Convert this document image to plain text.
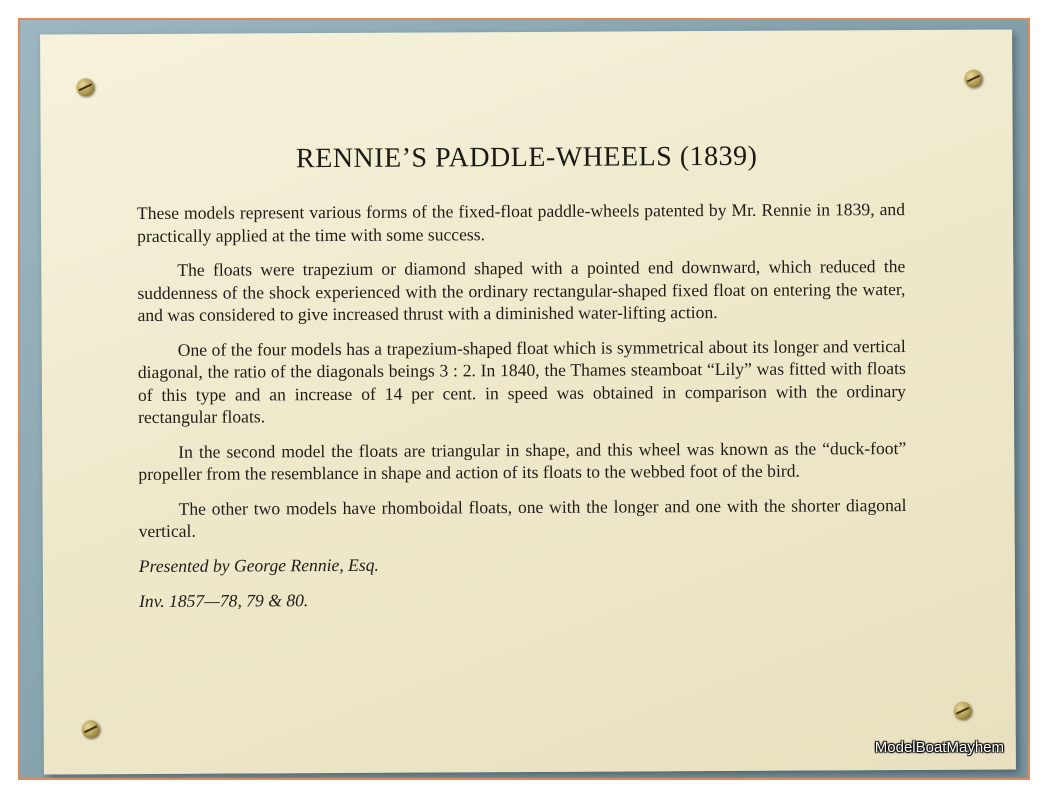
RENNIE’S PADDLE-WHEELS (1839)

These models represent various forms of the fixed-float paddle-wheels patented by Mr. Rennie in 1839, and practically applied at the time with some success.

The floats were trapezium or diamond shaped with a pointed end downward, which reduced the suddenness of the shock experienced with the ordinary rectangular-shaped fixed float on entering the water, and was considered to give increased thrust with a diminished water-lifting action.

One of the four models has a trapezium-shaped float which is symmetrical about its longer and vertical diagonal, the ratio of the diagonals beings 3 : 2. In 1840, the Thames steamboat “Lily” was fitted with floats of this type and an increase of 14 per cent. in speed was obtained in comparison with the ordinary rectangular floats.

In the second model the floats are triangular in shape, and this wheel was known as the “duck-foot” propeller from the resemblance in shape and action of its floats to the webbed foot of the bird.

The other two models have rhomboidal floats, one with the longer and one with the shorter diagonal vertical.

Presented by George Rennie, Esq.

Inv. 1857—78, 79 & 80.

ModelBoatMayhem
